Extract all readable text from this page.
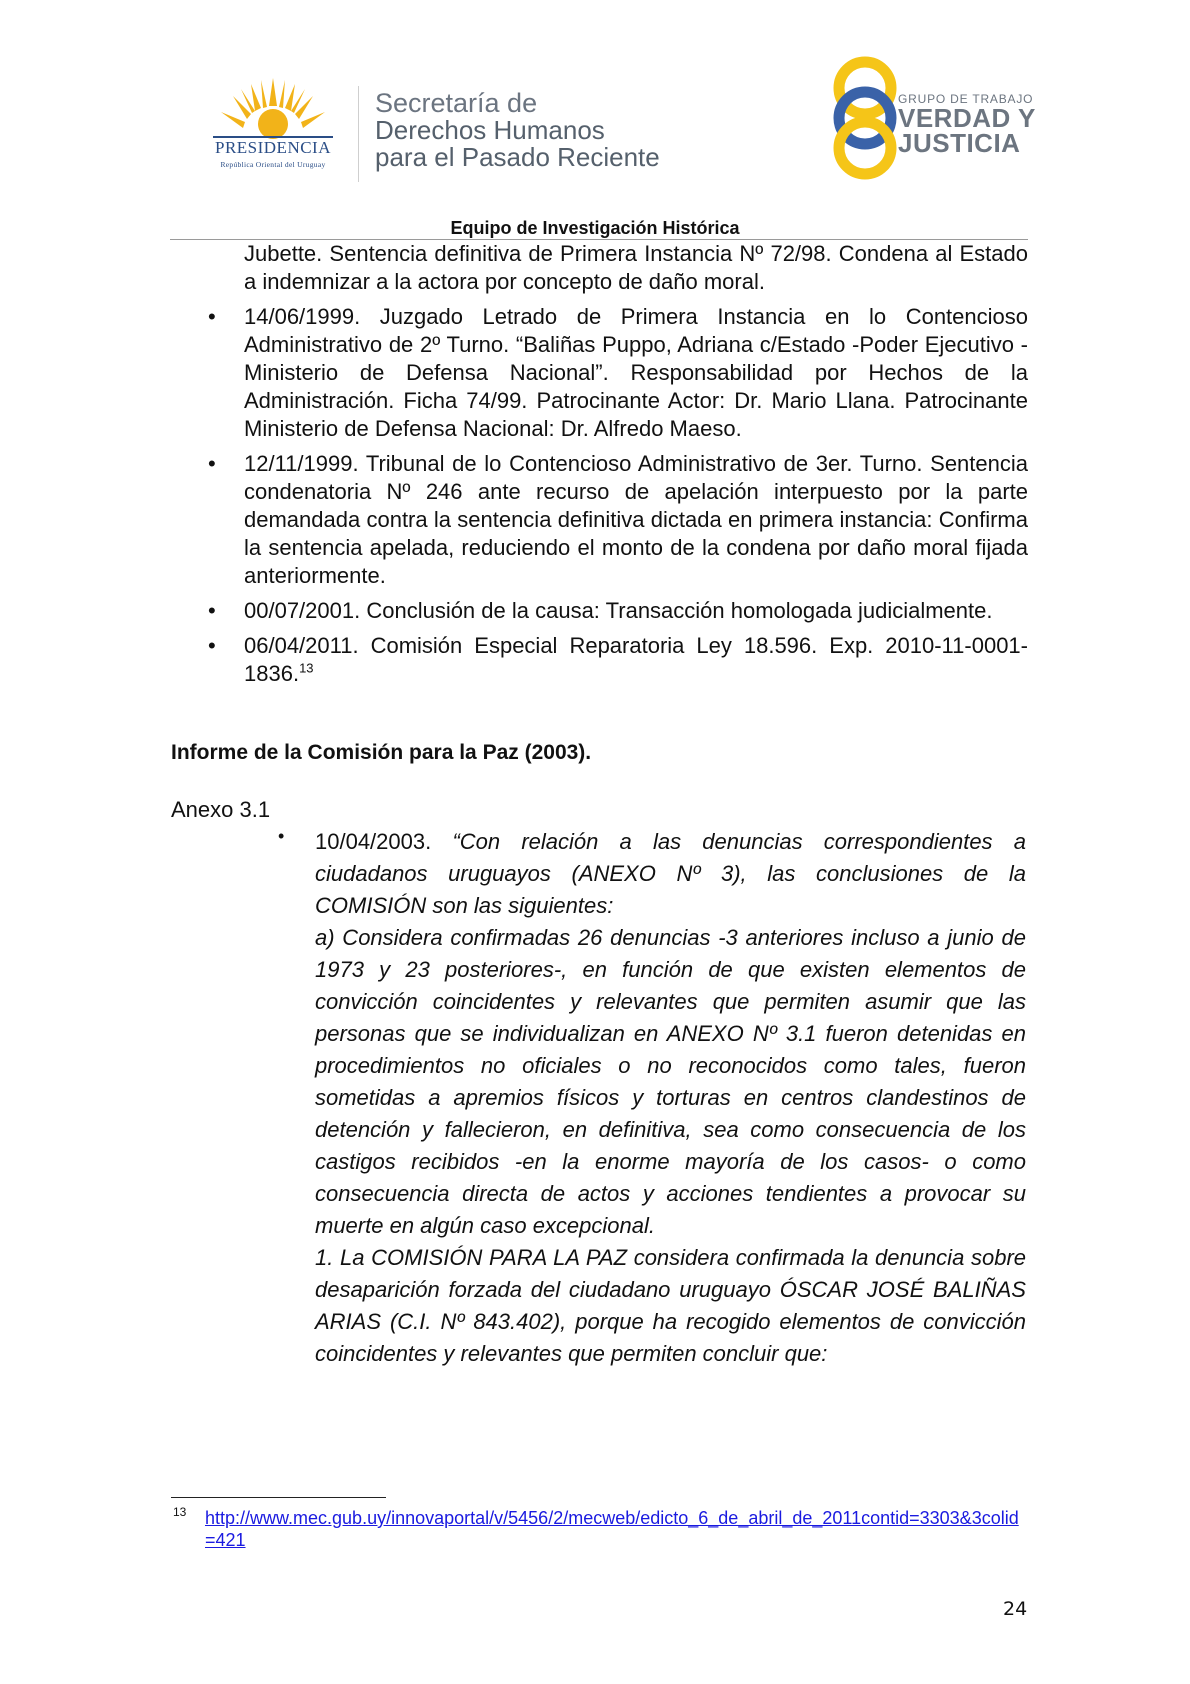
PRESIDENCIA
República Oriental del Uruguay
Secretaría de
Derechos Humanos
para el Pasado Reciente
GRUPO DE TRABAJO
VERDAD Y
JUSTICIA
Equipo de Investigación Histórica
Jubette. Sentencia definitiva de Primera Instancia Nº 72/98. Condena al Estado a indemnizar a la actora por concepto de daño moral.
• 14/06/1999. Juzgado Letrado de Primera Instancia en lo Contencioso Administrativo de 2º Turno. “Baliñas Puppo, Adriana c/Estado -Poder Ejecutivo -Ministerio de Defensa Nacional”. Responsabilidad por Hechos de la Administración. Ficha 74/99. Patrocinante Actor: Dr. Mario Llana. Patrocinante Ministerio de Defensa Nacional: Dr. Alfredo Maeso.
• 12/11/1999. Tribunal de lo Contencioso Administrativo de 3er. Turno. Sentencia condenatoria Nº 246 ante recurso de apelación interpuesto por la parte demandada contra la sentencia definitiva dictada en primera instancia: Confirma la sentencia apelada, reduciendo el monto de la condena por daño moral fijada anteriormente.
• 00/07/2001. Conclusión de la causa: Transacción homologada judicialmente.
• 06/04/2011. Comisión Especial Reparatoria Ley 18.596. Exp. 2010-11-0001-1836.13
Informe de la Comisión para la Paz (2003).
Anexo 3.1
• 10/04/2003. “Con relación a las denuncias correspondientes a ciudadanos uruguayos (ANEXO Nº 3), las conclusiones de la COMISIÓN son las siguientes:
a) Considera confirmadas 26 denuncias -3 anteriores incluso a junio de 1973 y 23 posteriores-, en función de que existen elementos de convicción coincidentes y relevantes que permiten asumir que las personas que se individualizan en ANEXO Nº 3.1 fueron detenidas en procedimientos no oficiales o no reconocidos como tales, fueron sometidas a apremios físicos y torturas en centros clandestinos de detención y fallecieron, en definitiva, sea como consecuencia de los castigos recibidos -en la enorme mayoría de los casos- o como consecuencia directa de actos y acciones tendientes a provocar su muerte en algún caso excepcional.
1. La COMISIÓN PARA LA PAZ considera confirmada la denuncia sobre desaparición forzada del ciudadano uruguayo ÓSCAR JOSÉ BALIÑAS ARIAS (C.I. Nº 843.402), porque ha recogido elementos de convicción coincidentes y relevantes que permiten concluir que:
13 http://www.mec.gub.uy/innovaportal/v/5456/2/mecweb/edicto_6_de_abril_de_2011contid=3303&3colid=421
24
